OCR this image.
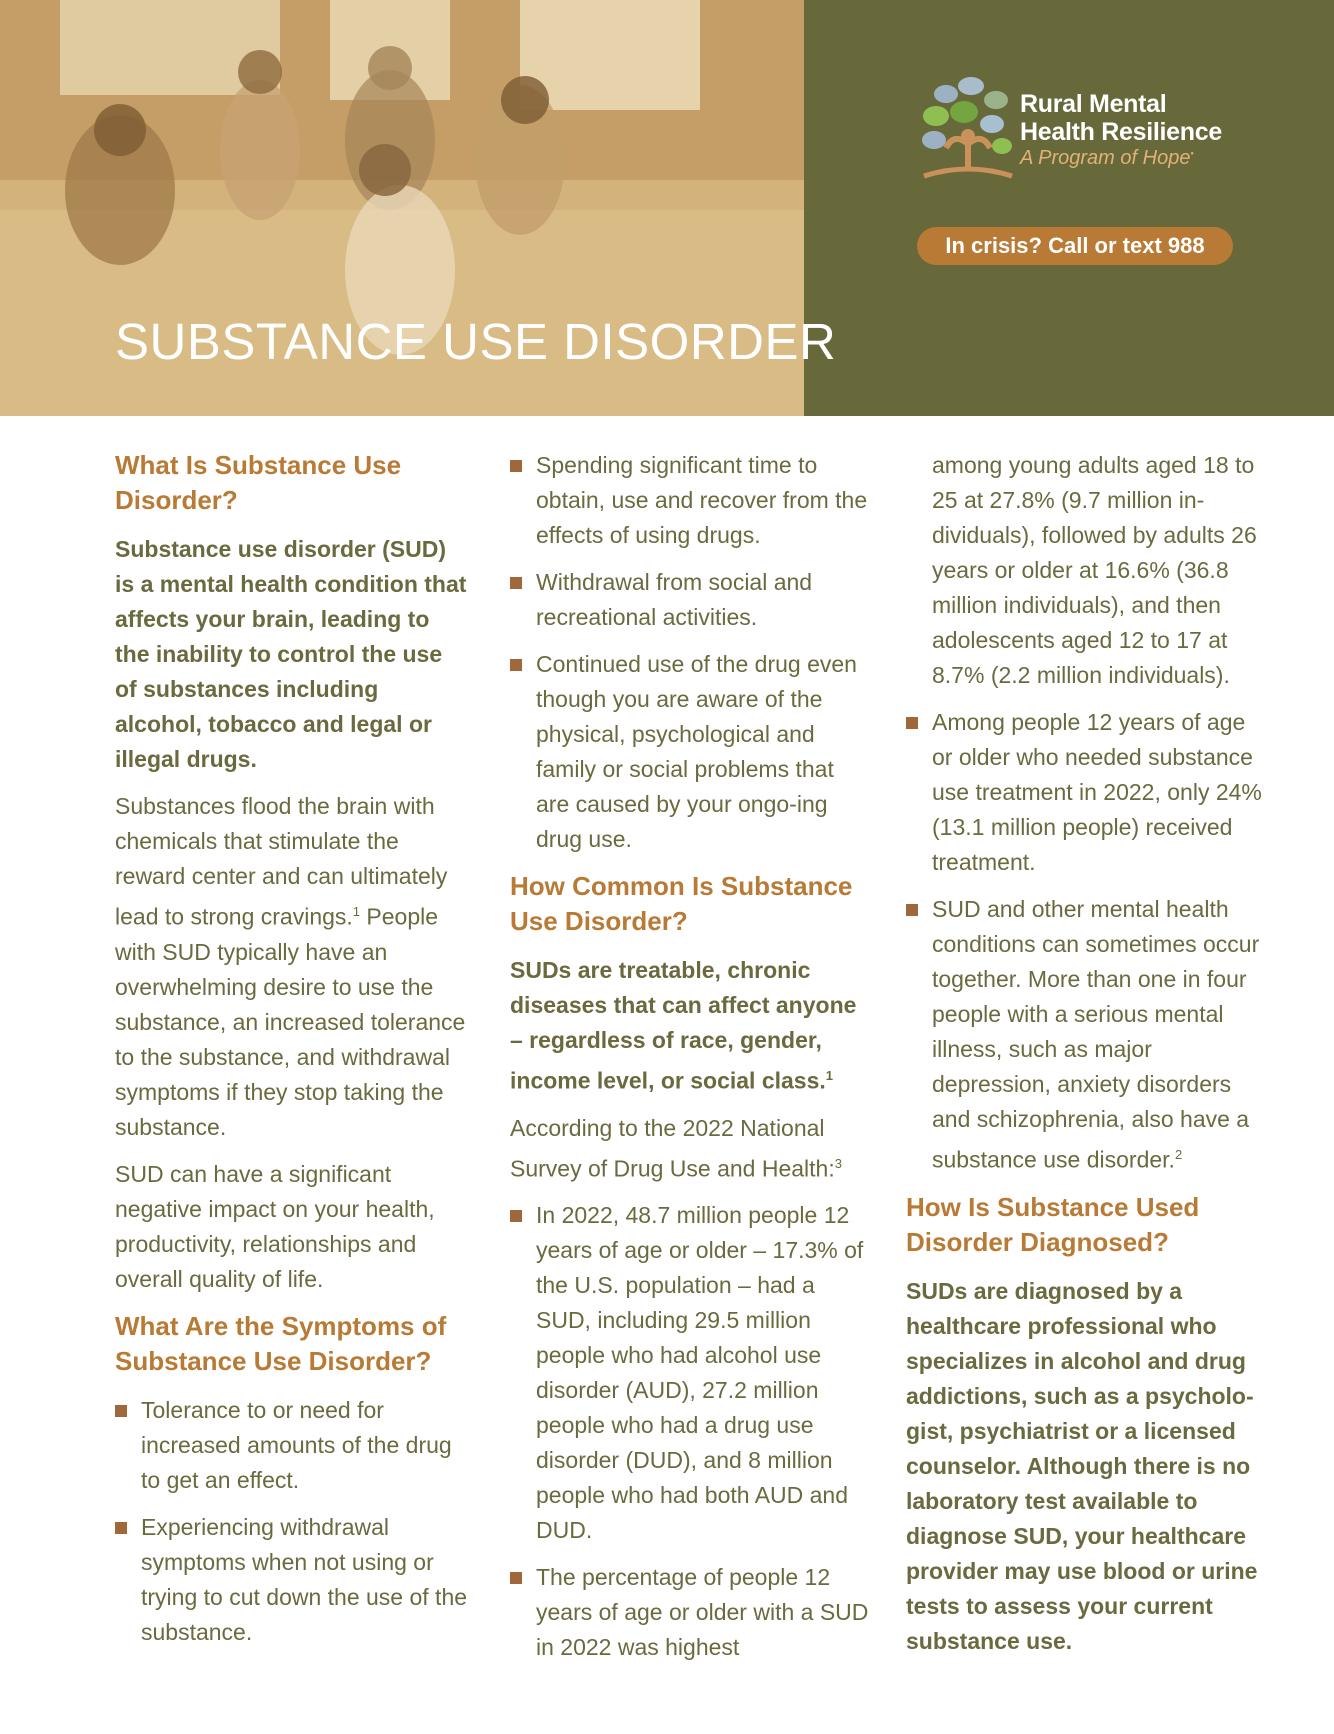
SUBSTANCE USE DISORDER
Rural Mental
Health Resilience
A Program of Hope•
In crisis? Call or text 988
What Is Substance Use Disorder?

Substance use disorder (SUD) is a mental health condition that affects your brain, leading to the inability to control the use of substances including alcohol, tobacco and legal or illegal drugs.

Substances flood the brain with chemicals that stimulate the reward center and can ultimately lead to strong cravings.$^1$ People with SUD typically have an overwhelming desire to use the substance, an increased tolerance to the substance, and withdrawal symptoms if they stop taking the substance.

SUD can have a significant negative impact on your health, productivity, relationships and overall quality of life.

What Are the Symptoms of Substance Use Disorder?
Tolerance to or need for increased amounts of the drug to get an effect.
Experiencing withdrawal symptoms when not using or trying to cut down the use of the substance.
Spending significant time to obtain, use and recover from the effects of using drugs.
Withdrawal from social and recreational activities.
Continued use of the drug even though you are aware of the physical, psychological and family or social problems that are caused by your ongo-ing drug use.
How Common Is Substance Use Disorder?

SUDs are treatable, chronic diseases that can affect anyone – regardless of race, gender, income level, or social class.$^1$

According to the 2022 National Survey of Drug Use and Health:$^3$

In 2022, 48.7 million people 12 years of age or older – 17.3% of the U.S. population – had a SUD, including 29.5 million people who had alcohol use disorder (AUD), 27.2 million people who had a drug use disorder (DUD), and 8 million people who had both AUD and DUD.
The percentage of people 12 years of age or older with a SUD in 2022 was highest
among young adults aged 18 to 25 at 27.8% (9.7 million in-dividuals), followed by adults 26 years or older at 16.6% (36.8 million individuals), and then adolescents aged 12 to 17 at 8.7% (2.2 million individuals).
Among people 12 years of age or older who needed substance use treatment in 2022, only 24% (13.1 million people) received treatment.
SUD and other mental health conditions can sometimes occur together. More than one in four people with a serious mental illness, such as major depression, anxiety disorders and schizophrenia, also have a substance use disorder.$^2$
How Is Substance Used Disorder Diagnosed?

SUDs are diagnosed by a healthcare professional who specializes in alcohol and drug addictions, such as a psycholo-gist, psychiatrist or a licensed counselor. Although there is no laboratory test available to diagnose SUD, your healthcare provider may use blood or urine tests to assess your current substance use.
